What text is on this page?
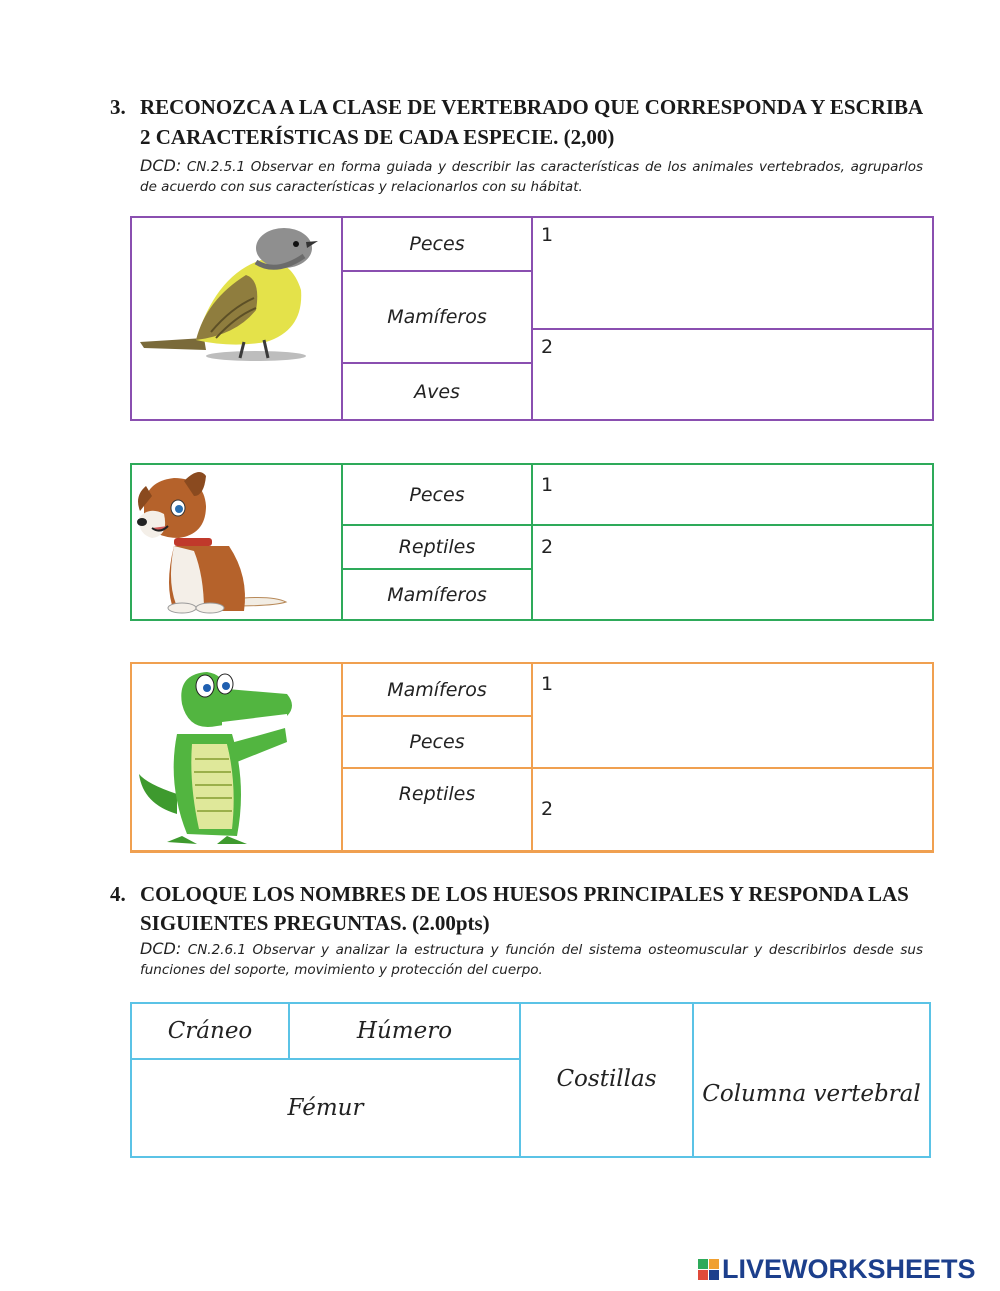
3. RECONOZCA A LA CLASE DE VERTEBRADO QUE CORRESPONDA Y ESCRIBA
2 CARACTERÍSTICAS DE CADA ESPECIE. (2,00)
DCD: CN.2.5.1 Observar en forma guiada y describir las características de los animales vertebrados, agruparlos de acuerdo con sus características y relacionarlos con su hábitat.
Peces
Mamíferos
Aves
1
2
Peces
Reptiles
Mamíferos
1
2
Mamíferos
Peces
Reptiles
1
2
4. COLOQUE LOS NOMBRES DE LOS HUESOS PRINCIPALES Y RESPONDA LAS
SIGUIENTES PREGUNTAS. (2.00pts)
DCD: CN.2.6.1 Observar y analizar la estructura y función del sistema osteomuscular y describirlos desde sus funciones del soporte, movimiento y protección del cuerpo.
Cráneo	Húmero
Fémur
Costillas
Columna vertebral
LIVEWORKSHEETS
